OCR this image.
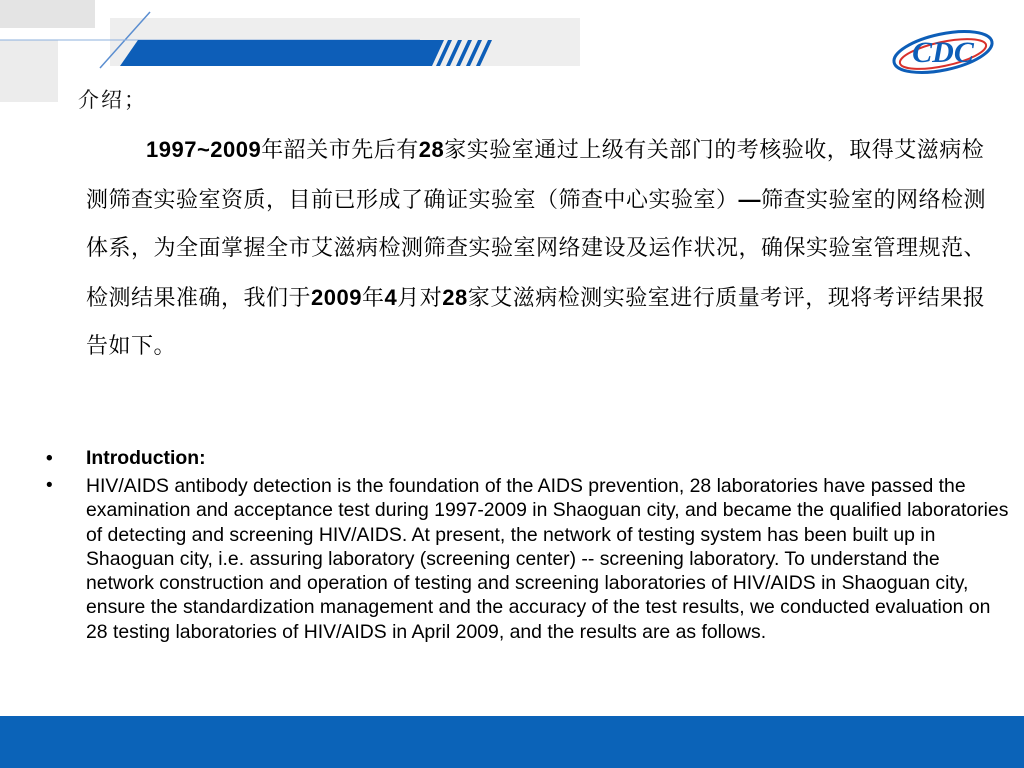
CDC
介绍；
1997~2009年韶关市先后有28家实验室通过上级有关部门的考核验收，取得艾滋病检测筛查实验室资质，目前已形成了确证实验室（筛查中心实验室）—筛查实验室的网络检测体系，为全面掌握全市艾滋病检测筛查实验室网络建设及运作状况，确保实验室管理规范、检测结果准确，我们于2009年4月对28家艾滋病检测实验室进行质量考评，现将考评结果报告如下。
•	Introduction:
•	HIV/AIDS antibody detection is the foundation of the AIDS prevention, 28 laboratories have passed the examination and acceptance test during 1997-2009 in Shaoguan city, and became the qualified laboratories of detecting and screening HIV/AIDS. At present, the network of testing system has been built up in Shaoguan city, i.e. assuring laboratory (screening center) -- screening laboratory. To understand the network construction and operation of testing and screening laboratories of HIV/AIDS in Shaoguan city, ensure the standardization management and the accuracy of the test results, we conducted evaluation on 28 testing laboratories of HIV/AIDS in April 2009, and the results are as follows.
